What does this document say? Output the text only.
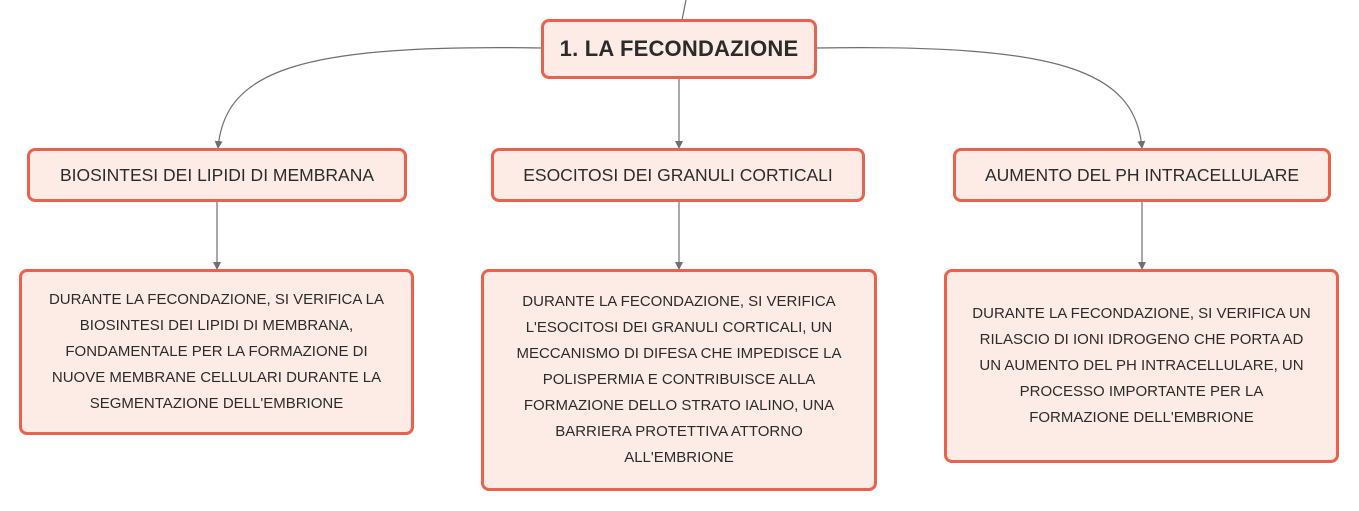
1. LA FECONDAZIONE
BIOSINTESI DEI LIPIDI DI MEMBRANA	ESOCITOSI DEI GRANULI CORTICALI	AUMENTO DEL PH INTRACELLULARE
DURANTE LA FECONDAZIONE, SI VERIFICA LA
BIOSINTESI DEI LIPIDI DI MEMBRANA,
FONDAMENTALE PER LA FORMAZIONE DI
NUOVE MEMBRANE CELLULARI DURANTE LA
SEGMENTAZIONE DELL'EMBRIONE
DURANTE LA FECONDAZIONE, SI VERIFICA
L'ESOCITOSI DEI GRANULI CORTICALI, UN
MECCANISMO DI DIFESA CHE IMPEDISCE LA
POLISPERMIA E CONTRIBUISCE ALLA
FORMAZIONE DELLO STRATO IALINO, UNA
BARRIERA PROTETTIVA ATTORNO
ALL'EMBRIONE
DURANTE LA FECONDAZIONE, SI VERIFICA UN
RILASCIO DI IONI IDROGENO CHE PORTA AD
UN AUMENTO DEL PH INTRACELLULARE, UN
PROCESSO IMPORTANTE PER LA
FORMAZIONE DELL'EMBRIONE
